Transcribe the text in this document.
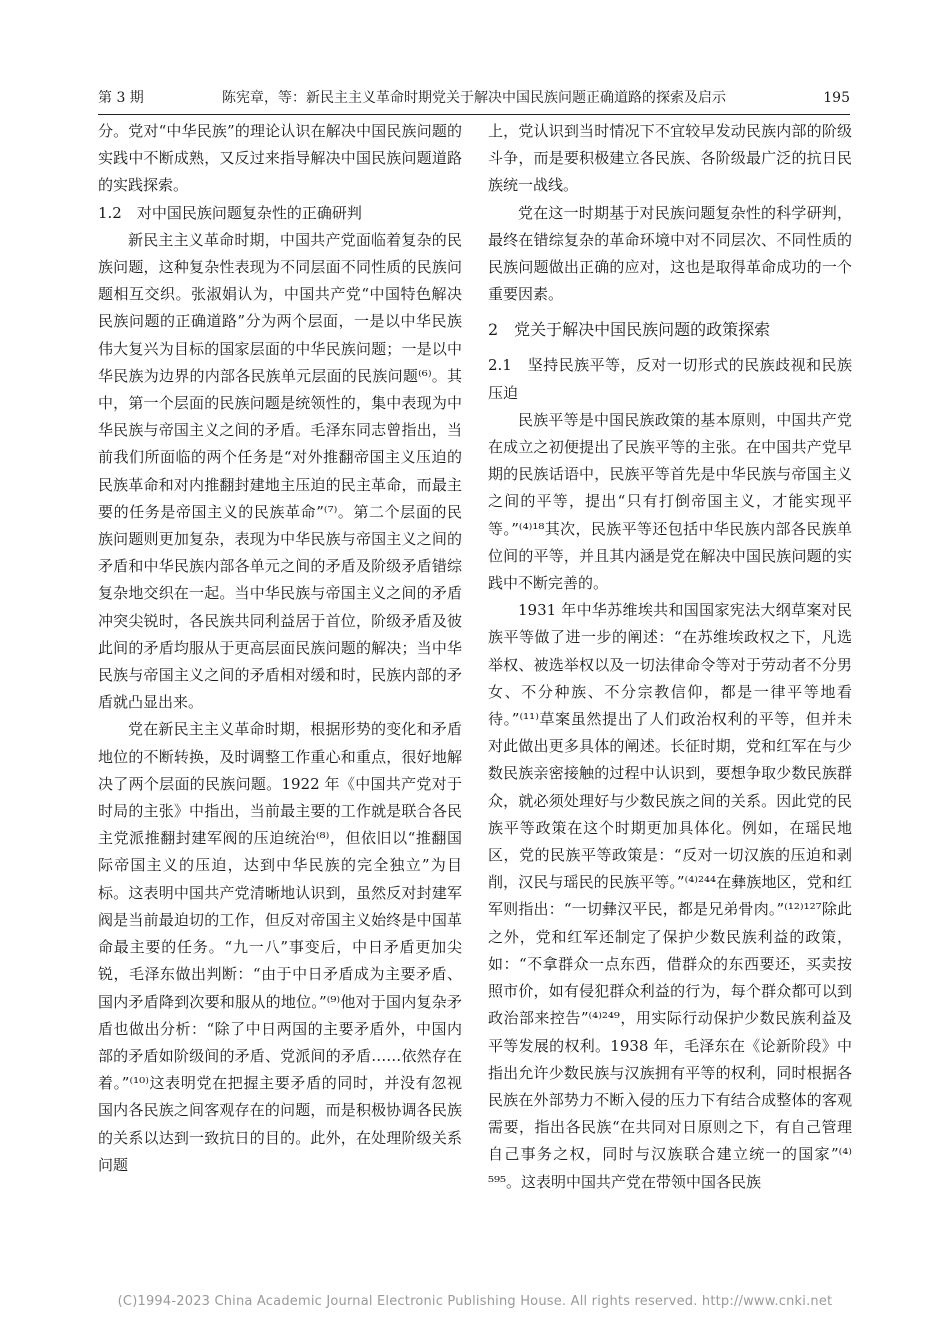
第 3 期	陈宪章，等：新民主主义革命时期党关于解决中国民族问题正确道路的探索及启示	195

分。党对“中华民族”的理论认识在解决中国民族问题的实践中不断成熟，又反过来指导解决中国民族问题道路的实践探索。

1.2　对中国民族问题复杂性的正确研判

新民主主义革命时期，中国共产党面临着复杂的民族问题，这种复杂性表现为不同层面不同性质的民族问题相互交织。张淑娟认为，中国共产党“中国特色解决民族问题的正确道路”分为两个层面，一是以中华民族伟大复兴为目标的国家层面的中华民族问题；一是以中华民族为边界的内部各民族单元层面的民族问题⁽⁶⁾。其中，第一个层面的民族问题是统领性的，集中表现为中华民族与帝国主义之间的矛盾。毛泽东同志曾指出，当前我们所面临的两个任务是“对外推翻帝国主义压迫的民族革命和对内推翻封建地主压迫的民主革命，而最主要的任务是帝国主义的民族革命”⁽⁷⁾。第二个层面的民族问题则更加复杂，表现为中华民族与帝国主义之间的矛盾和中华民族内部各单元之间的矛盾及阶级矛盾错综复杂地交织在一起。当中华民族与帝国主义之间的矛盾冲突尖锐时，各民族共同利益居于首位，阶级矛盾及彼此间的矛盾均服从于更高层面民族问题的解决；当中华民族与帝国主义之间的矛盾相对缓和时，民族内部的矛盾就凸显出来。

党在新民主主义革命时期，根据形势的变化和矛盾地位的不断转换，及时调整工作重心和重点，很好地解决了两个层面的民族问题。1922 年《中国共产党对于时局的主张》中指出，当前最主要的工作就是联合各民主党派推翻封建军阀的压迫统治⁽⁸⁾，但依旧以“推翻国际帝国主义的压迫，达到中华民族的完全独立”为目标。这表明中国共产党清晰地认识到，虽然反对封建军阀是当前最迫切的工作，但反对帝国主义始终是中国革命最主要的任务。“九一八”事变后，中日矛盾更加尖锐，毛泽东做出判断：“由于中日矛盾成为主要矛盾、国内矛盾降到次要和服从的地位。”⁽⁹⁾他对于国内复杂矛盾也做出分析：“除了中日两国的主要矛盾外，中国内部的矛盾如阶级间的矛盾、党派间的矛盾……依然存在着。”⁽¹⁰⁾这表明党在把握主要矛盾的同时，并没有忽视国内各民族之间客观存在的问题，而是积极协调各民族的关系以达到一致抗日的目的。此外，在处理阶级关系问题

上，党认识到当时情况下不宜较早发动民族内部的阶级斗争，而是要积极建立各民族、各阶级最广泛的抗日民族统一战线。

党在这一时期基于对民族问题复杂性的科学研判，最终在错综复杂的革命环境中对不同层次、不同性质的民族问题做出正确的应对，这也是取得革命成功的一个重要因素。

2　党关于解决中国民族问题的政策探索

2.1　坚持民族平等，反对一切形式的民族歧视和民族压迫

民族平等是中国民族政策的基本原则，中国共产党在成立之初便提出了民族平等的主张。在中国共产党早期的民族话语中，民族平等首先是中华民族与帝国主义之间的平等，提出“只有打倒帝国主义，才能实现平等。”⁽⁴⁾¹⁸其次，民族平等还包括中华民族内部各民族单位间的平等，并且其内涵是党在解决中国民族问题的实践中不断完善的。

1931 年中华苏维埃共和国国家宪法大纲草案对民族平等做了进一步的阐述：“在苏维埃政权之下，凡选举权、被选举权以及一切法律命令等对于劳动者不分男女、不分种族、不分宗教信仰，都是一律平等地看待。”⁽¹¹⁾草案虽然提出了人们政治权利的平等，但并未对此做出更多具体的阐述。长征时期，党和红军在与少数民族亲密接触的过程中认识到，要想争取少数民族群众，就必须处理好与少数民族之间的关系。因此党的民族平等政策在这个时期更加具体化。例如，在瑶民地区，党的民族平等政策是：“反对一切汉族的压迫和剥削，汉民与瑶民的民族平等。”⁽⁴⁾²⁴⁴在彝族地区，党和红军则指出：“一切彝汉平民，都是兄弟骨肉。”⁽¹²⁾¹²⁷除此之外，党和红军还制定了保护少数民族利益的政策，如：“不拿群众一点东西，借群众的东西要还，买卖按照市价，如有侵犯群众利益的行为，每个群众都可以到政治部来控告”⁽⁴⁾²⁴⁹，用实际行动保护少数民族利益及平等发展的权利。1938 年，毛泽东在《论新阶段》中指出允许少数民族与汉族拥有平等的权利，同时根据各民族在外部势力不断入侵的压力下有结合成整体的客观需要，指出各民族“在共同对日原则之下，有自己管理自己事务之权，同时与汉族联合建立统一的国家”⁽⁴⁾⁵⁹⁵。这表明中国共产党在带领中国各民族

(C)1994-2023 China Academic Journal Electronic Publishing House. All rights reserved. http://www.cnki.net
